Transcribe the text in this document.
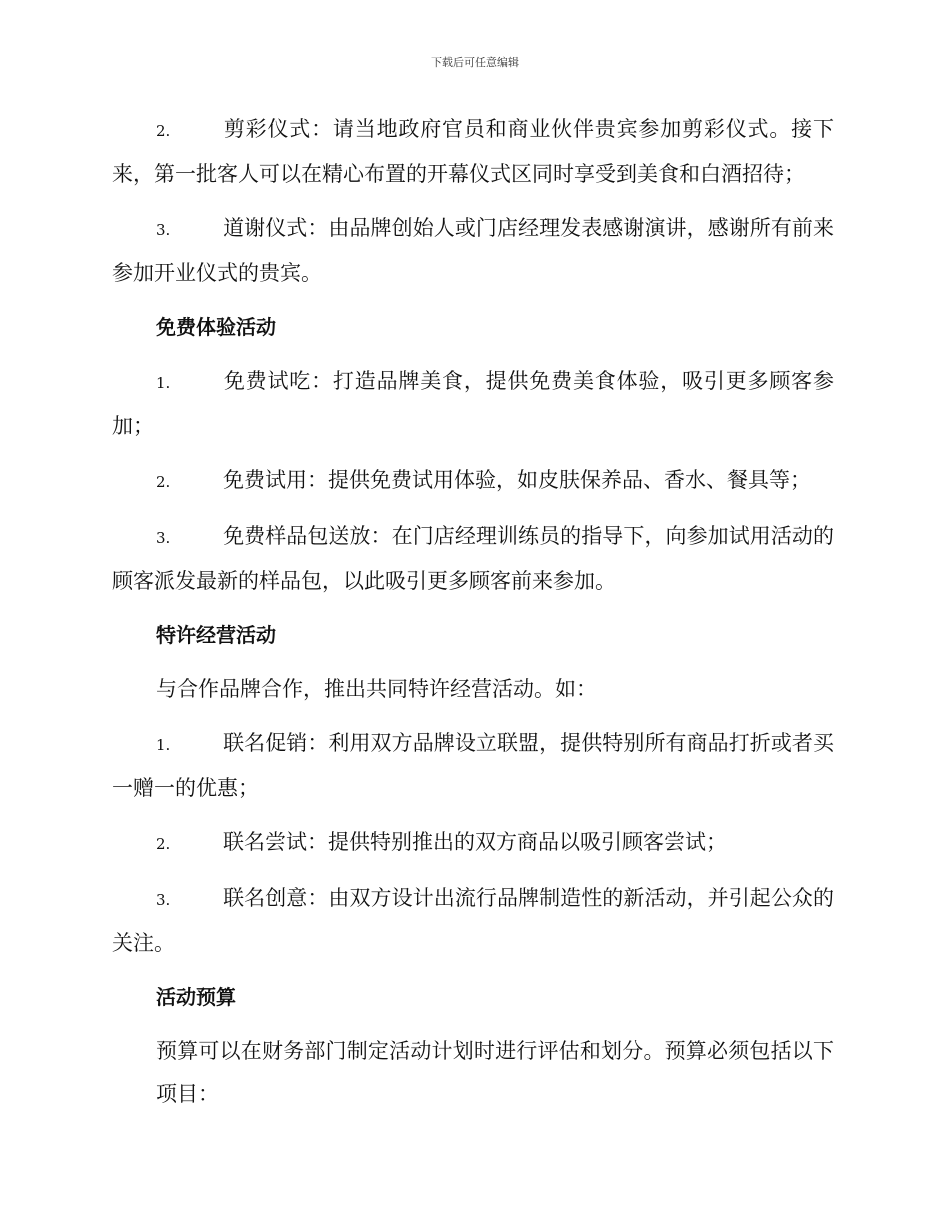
下载后可任意编辑

2.	剪彩仪式：请当地政府官员和商业伙伴贵宾参加剪彩仪式。接下来，第一批客人可以在精心布置的开幕仪式区同时享受到美食和白酒招待；

3.	道谢仪式：由品牌创始人或门店经理发表感谢演讲，感谢所有前来参加开业仪式的贵宾。

免费体验活动

1.	免费试吃：打造品牌美食，提供免费美食体验，吸引更多顾客参加；

2.	免费试用：提供免费试用体验，如皮肤保养品、香水、餐具等；

3.	免费样品包送放：在门店经理训练员的指导下，向参加试用活动的顾客派发最新的样品包，以此吸引更多顾客前来参加。

特许经营活动

与合作品牌合作，推出共同特许经营活动。如：

1.	联名促销：利用双方品牌设立联盟，提供特别所有商品打折或者买一赠一的优惠；

2.	联名尝试：提供特别推出的双方商品以吸引顾客尝试；

3.	联名创意：由双方设计出流行品牌制造性的新活动，并引起公众的关注。

活动预算

预算可以在财务部门制定活动计划时进行评估和划分。预算必须包括以下项目：
